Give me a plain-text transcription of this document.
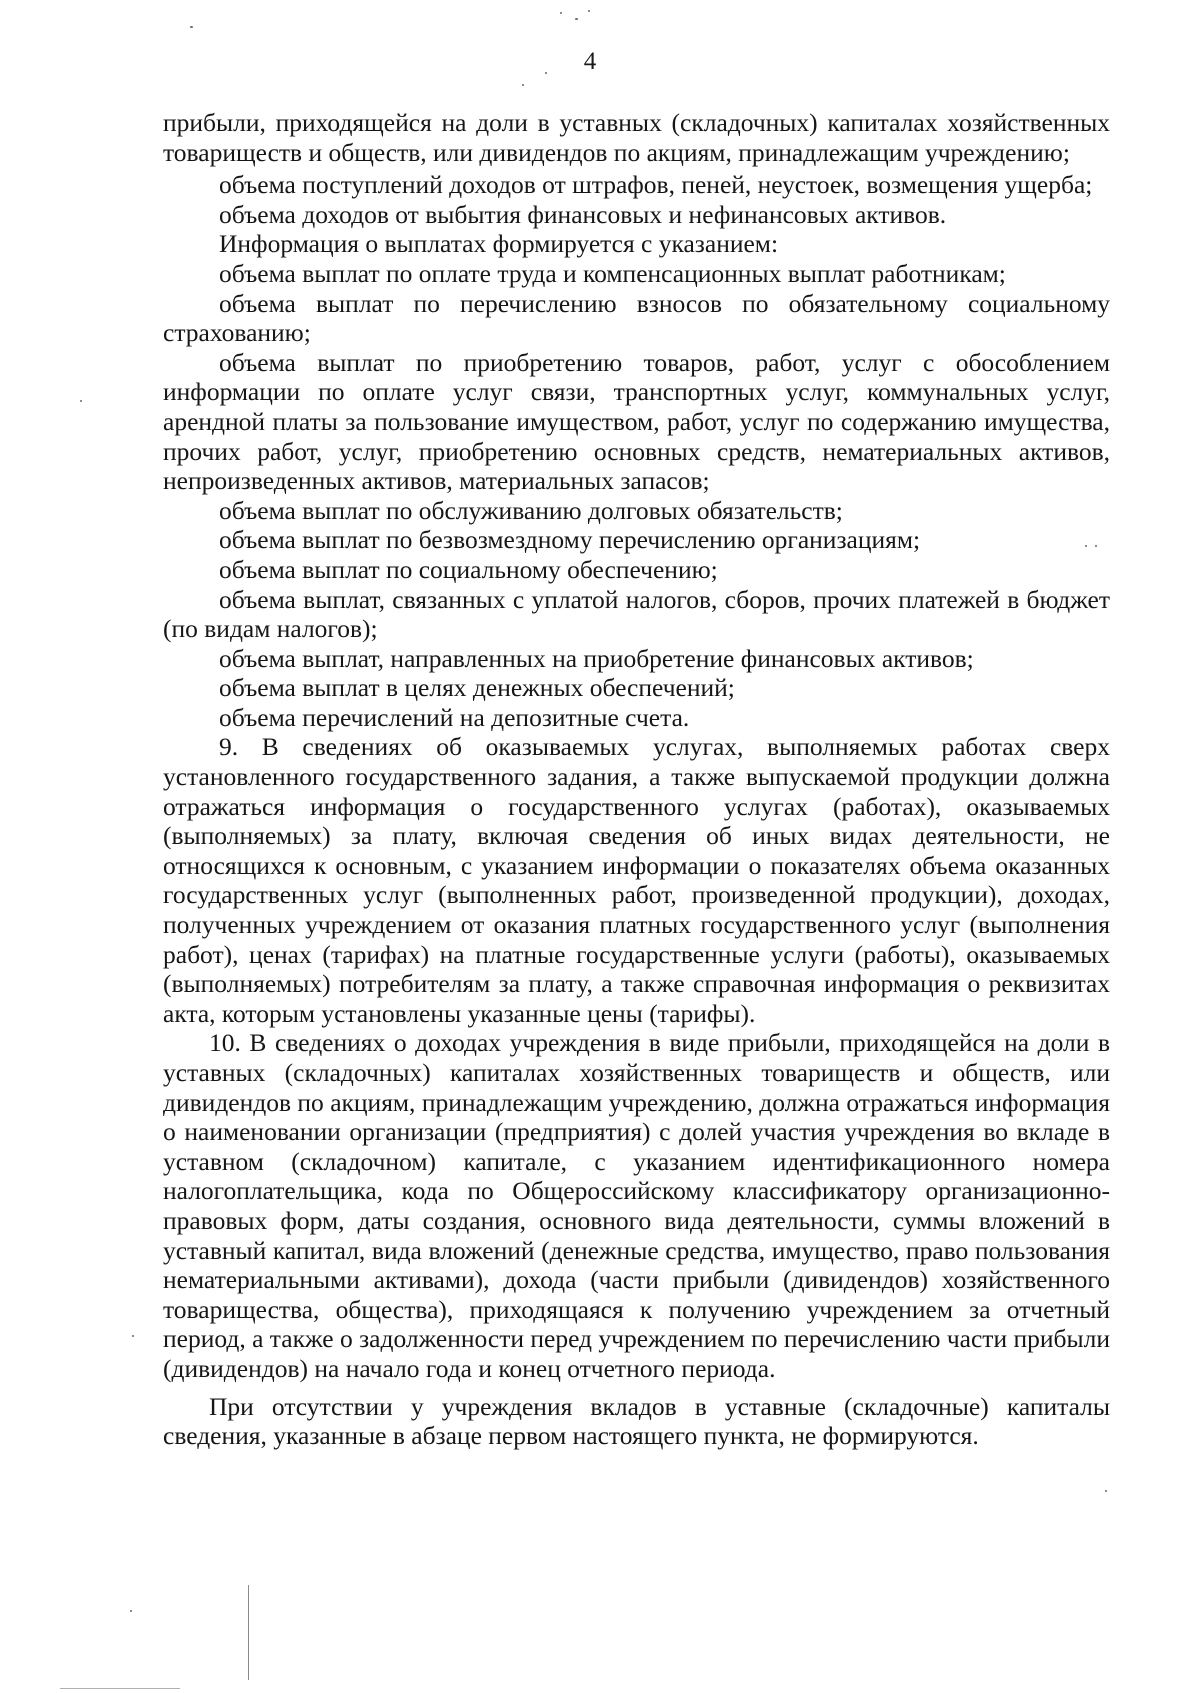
4

прибыли, приходящейся на доли в уставных (складочных) капиталах хозяйственных товариществ и обществ, или дивидендов по акциям, принадлежащим учреждению;

объема поступлений доходов от штрафов, пеней, неустоек, возмещения ущерба;

объема доходов от выбытия финансовых и нефинансовых активов.

Информация о выплатах формируется с указанием:

объема выплат по оплате труда и компенсационных выплат работникам;

объема выплат по перечислению взносов по обязательному социальному страхованию;

объема выплат по приобретению товаров, работ, услуг с обособлением информации по оплате услуг связи, транспортных услуг, коммунальных услуг, арендной платы за пользование имуществом, работ, услуг по содержанию имущества, прочих работ, услуг, приобретению основных средств, нематериальных активов, непроизведенных активов, материальных запасов;

объема выплат по обслуживанию долговых обязательств;

объема выплат по безвозмездному перечислению организациям;

объема выплат по социальному обеспечению;

объема выплат, связанных с уплатой налогов, сборов, прочих платежей в бюджет (по видам налогов);

объема выплат, направленных на приобретение финансовых активов;

объема выплат в целях денежных обеспечений;

объема перечислений на депозитные счета.

9. В сведениях об оказываемых услугах, выполняемых работах сверх установленного государственного задания, а также выпускаемой продукции должна отражаться информация о государственного услугах (работах), оказываемых (выполняемых) за плату, включая сведения об иных видах деятельности, не относящихся к основным, с указанием информации о показателях объема оказанных государственных услуг (выполненных работ, произведенной продукции), доходах, полученных учреждением от оказания платных государственного услуг (выполнения работ), ценах (тарифах) на платные государственные услуги (работы), оказываемых (выполняемых) потребителям за плату, а также справочная информация о реквизитах акта, которым установлены указанные цены (тарифы).

10. В сведениях о доходах учреждения в виде прибыли, приходящейся на доли в уставных (складочных) капиталах хозяйственных товариществ и обществ, или дивидендов по акциям, принадлежащим учреждению, должна отражаться информация о наименовании организации (предприятия) с долей участия учреждения во вкладе в уставном (складочном) капитале, с указанием идентификационного номера налогоплательщика, кода по Общероссийскому классификатору организационно-правовых форм, даты создания, основного вида деятельности, суммы вложений в уставный капитал, вида вложений (денежные средства, имущество, право пользования нематериальными активами), дохода (части прибыли (дивидендов) хозяйственного товарищества, общества), приходящаяся к получению учреждением за отчетный период, а также о задолженности перед учреждением по перечислению части прибыли (дивидендов) на начало года и конец отчетного периода.

При отсутствии у учреждения вкладов в уставные (складочные) капиталы сведения, указанные в абзаце первом настоящего пункта, не формируются.
